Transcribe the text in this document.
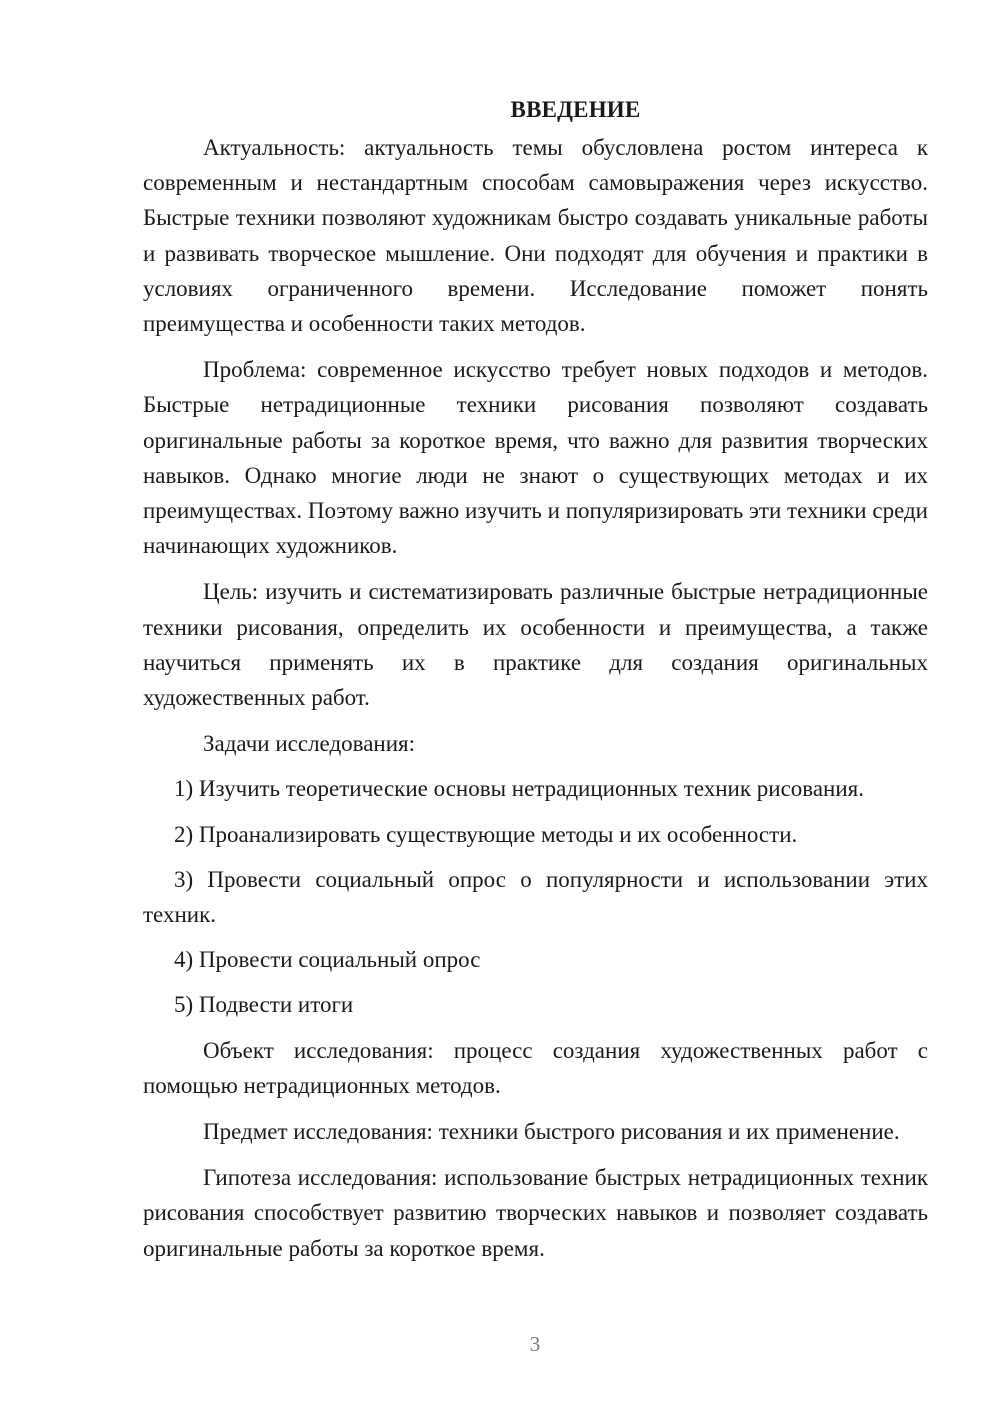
ВВЕДЕНИЕ

Актуальность: актуальность темы обусловлена ростом интереса к современным и нестандартным способам самовыражения через искусство. Быстрые техники позволяют художникам быстро создавать уникальные работы и развивать творческое мышление. Они подходят для обучения и практики в условиях ограниченного времени. Исследование поможет понять преимущества и особенности таких методов.

Проблема: современное искусство требует новых подходов и методов. Быстрые нетрадиционные техники рисования позволяют создавать оригинальные работы за короткое время, что важно для развития творческих навыков. Однако многие люди не знают о существующих методах и их преимуществах. Поэтому важно изучить и популяризировать эти техники среди начинающих художников.

Цель: изучить и систематизировать различные быстрые нетрадиционные техники рисования, определить их особенности и преимущества, а также научиться применять их в практике для создания оригинальных художественных работ.

Задачи исследования:

1) Изучить теоретические основы нетрадиционных техник рисования.

2) Проанализировать существующие методы и их особенности.

3) Провести социальный опрос о популярности и использовании этих техник.

4) Провести социальный опрос

5) Подвести итоги

Объект исследования: процесс создания художественных работ с помощью нетрадиционных методов.

Предмет исследования: техники быстрого рисования и их применение.

Гипотеза исследования: использование быстрых нетрадиционных техник рисования способствует развитию творческих навыков и позволяет создавать оригинальные работы за короткое время.

3
